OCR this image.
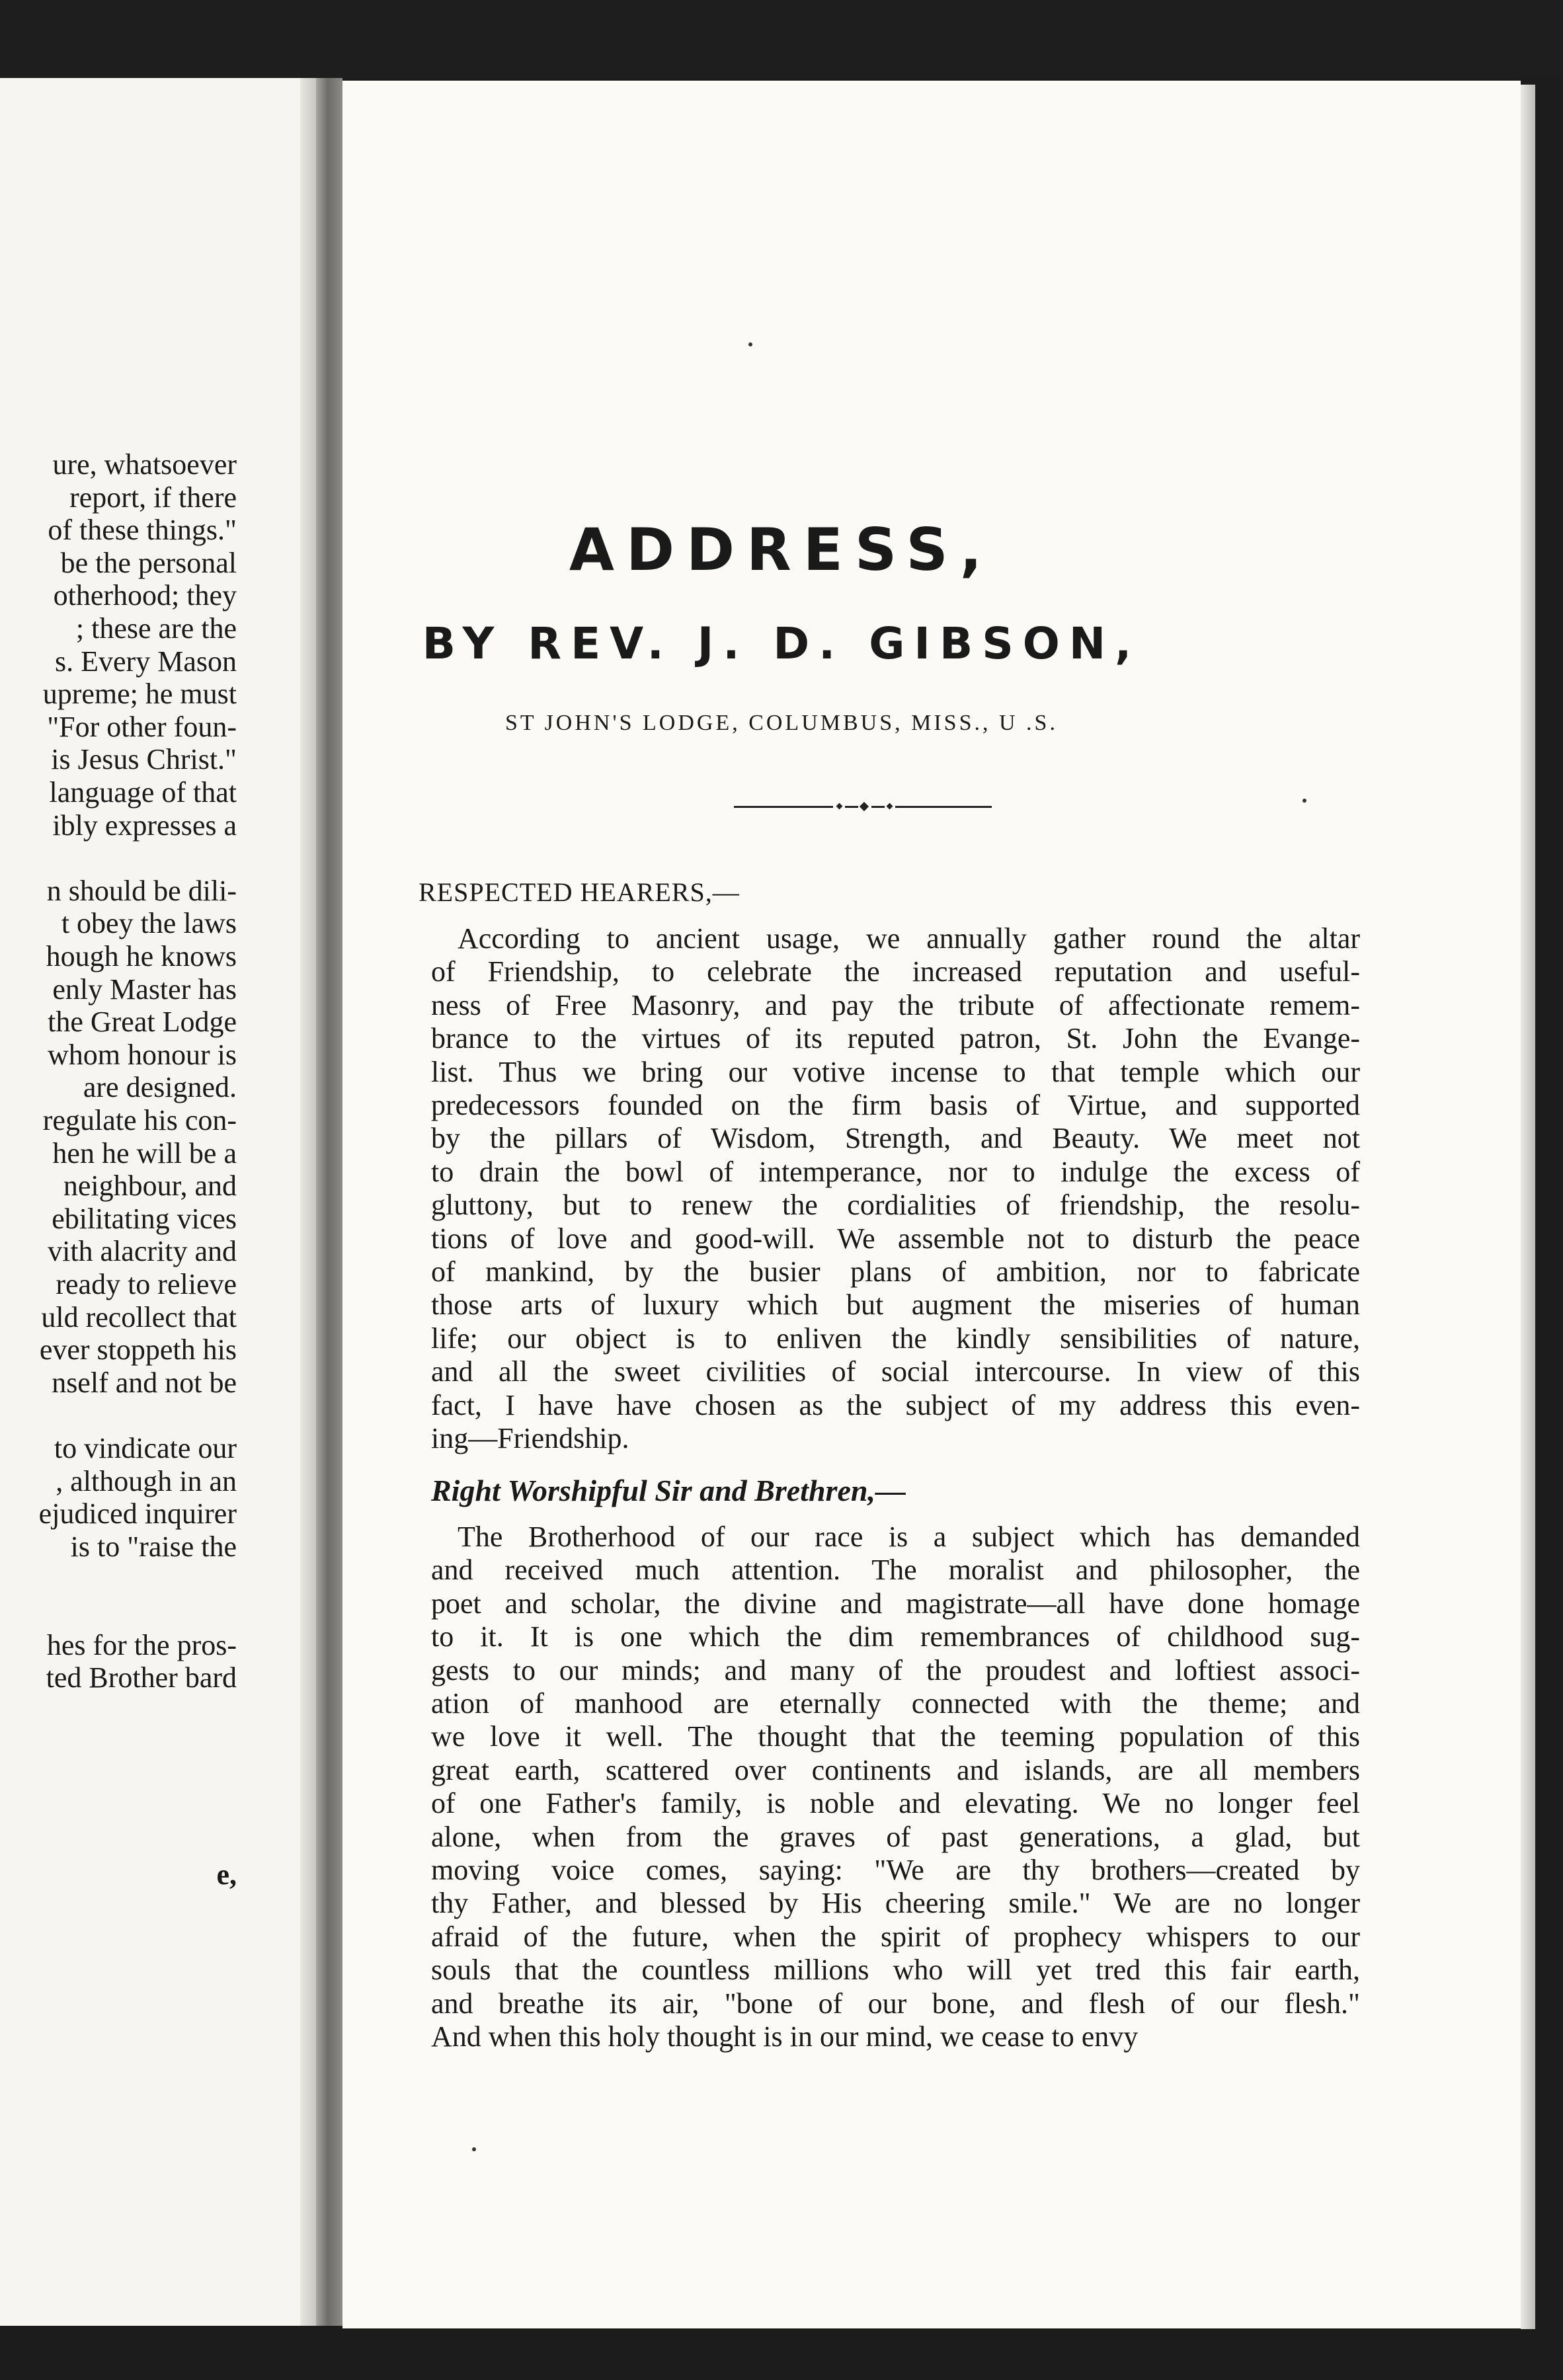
ure, whatsoever
report, if there
of these things."
be the personal
otherhood; they
; these are the
s. Every Mason
upreme; he must
"For other foun-
is Jesus Christ."
language of that
ibly expresses a
n should be dili-
t obey the laws
hough he knows
enly Master has
the Great Lodge
whom honour is
are designed.
regulate his con-
hen he will be a
neighbour, and
ebilitating vices
vith alacrity and
ready to relieve
uld recollect that
ever stoppeth his
nself and not be
to vindicate our
, although in an
ejudiced inquirer
is to "raise the
hes for the pros-
ted Brother bard
e,
ADDRESS,
BY REV. J. D. GIBSON,
ST JOHN'S LODGE, COLUMBUS, MISS., U .S.
RESPECTED HEARERS,—
According to ancient usage, we annually gather round the altar
of Friendship, to celebrate the increased reputation and useful-
ness of Free Masonry, and pay the tribute of affectionate remem-
brance to the virtues of its reputed patron, St. John the Evange-
list. Thus we bring our votive incense to that temple which our
predecessors founded on the firm basis of Virtue, and supported
by the pillars of Wisdom, Strength, and Beauty. We meet not
to drain the bowl of intemperance, nor to indulge the excess of
gluttony, but to renew the cordialities of friendship, the resolu-
tions of love and good-will. We assemble not to disturb the peace
of mankind, by the busier plans of ambition, nor to fabricate
those arts of luxury which but augment the miseries of human
life; our object is to enliven the kindly sensibilities of nature,
and all the sweet civilities of social intercourse. In view of this
fact, I have have chosen as the subject of my address this even-
ing—Friendship.
Right Worshipful Sir and Brethren,—
The Brotherhood of our race is a subject which has demanded
and received much attention. The moralist and philosopher, the
poet and scholar, the divine and magistrate—all have done homage
to it. It is one which the dim remembrances of childhood sug-
gests to our minds; and many of the proudest and loftiest associ-
ation of manhood are eternally connected with the theme; and
we love it well. The thought that the teeming population of this
great earth, scattered over continents and islands, are all members
of one Father's family, is noble and elevating. We no longer feel
alone, when from the graves of past generations, a glad, but
moving voice comes, saying: "We are thy brothers—created by
thy Father, and blessed by His cheering smile." We are no longer
afraid of the future, when the spirit of prophecy whispers to our
souls that the countless millions who will yet tred this fair earth,
and breathe its air, "bone of our bone, and flesh of our flesh."
And when this holy thought is in our mind, we cease to envy
